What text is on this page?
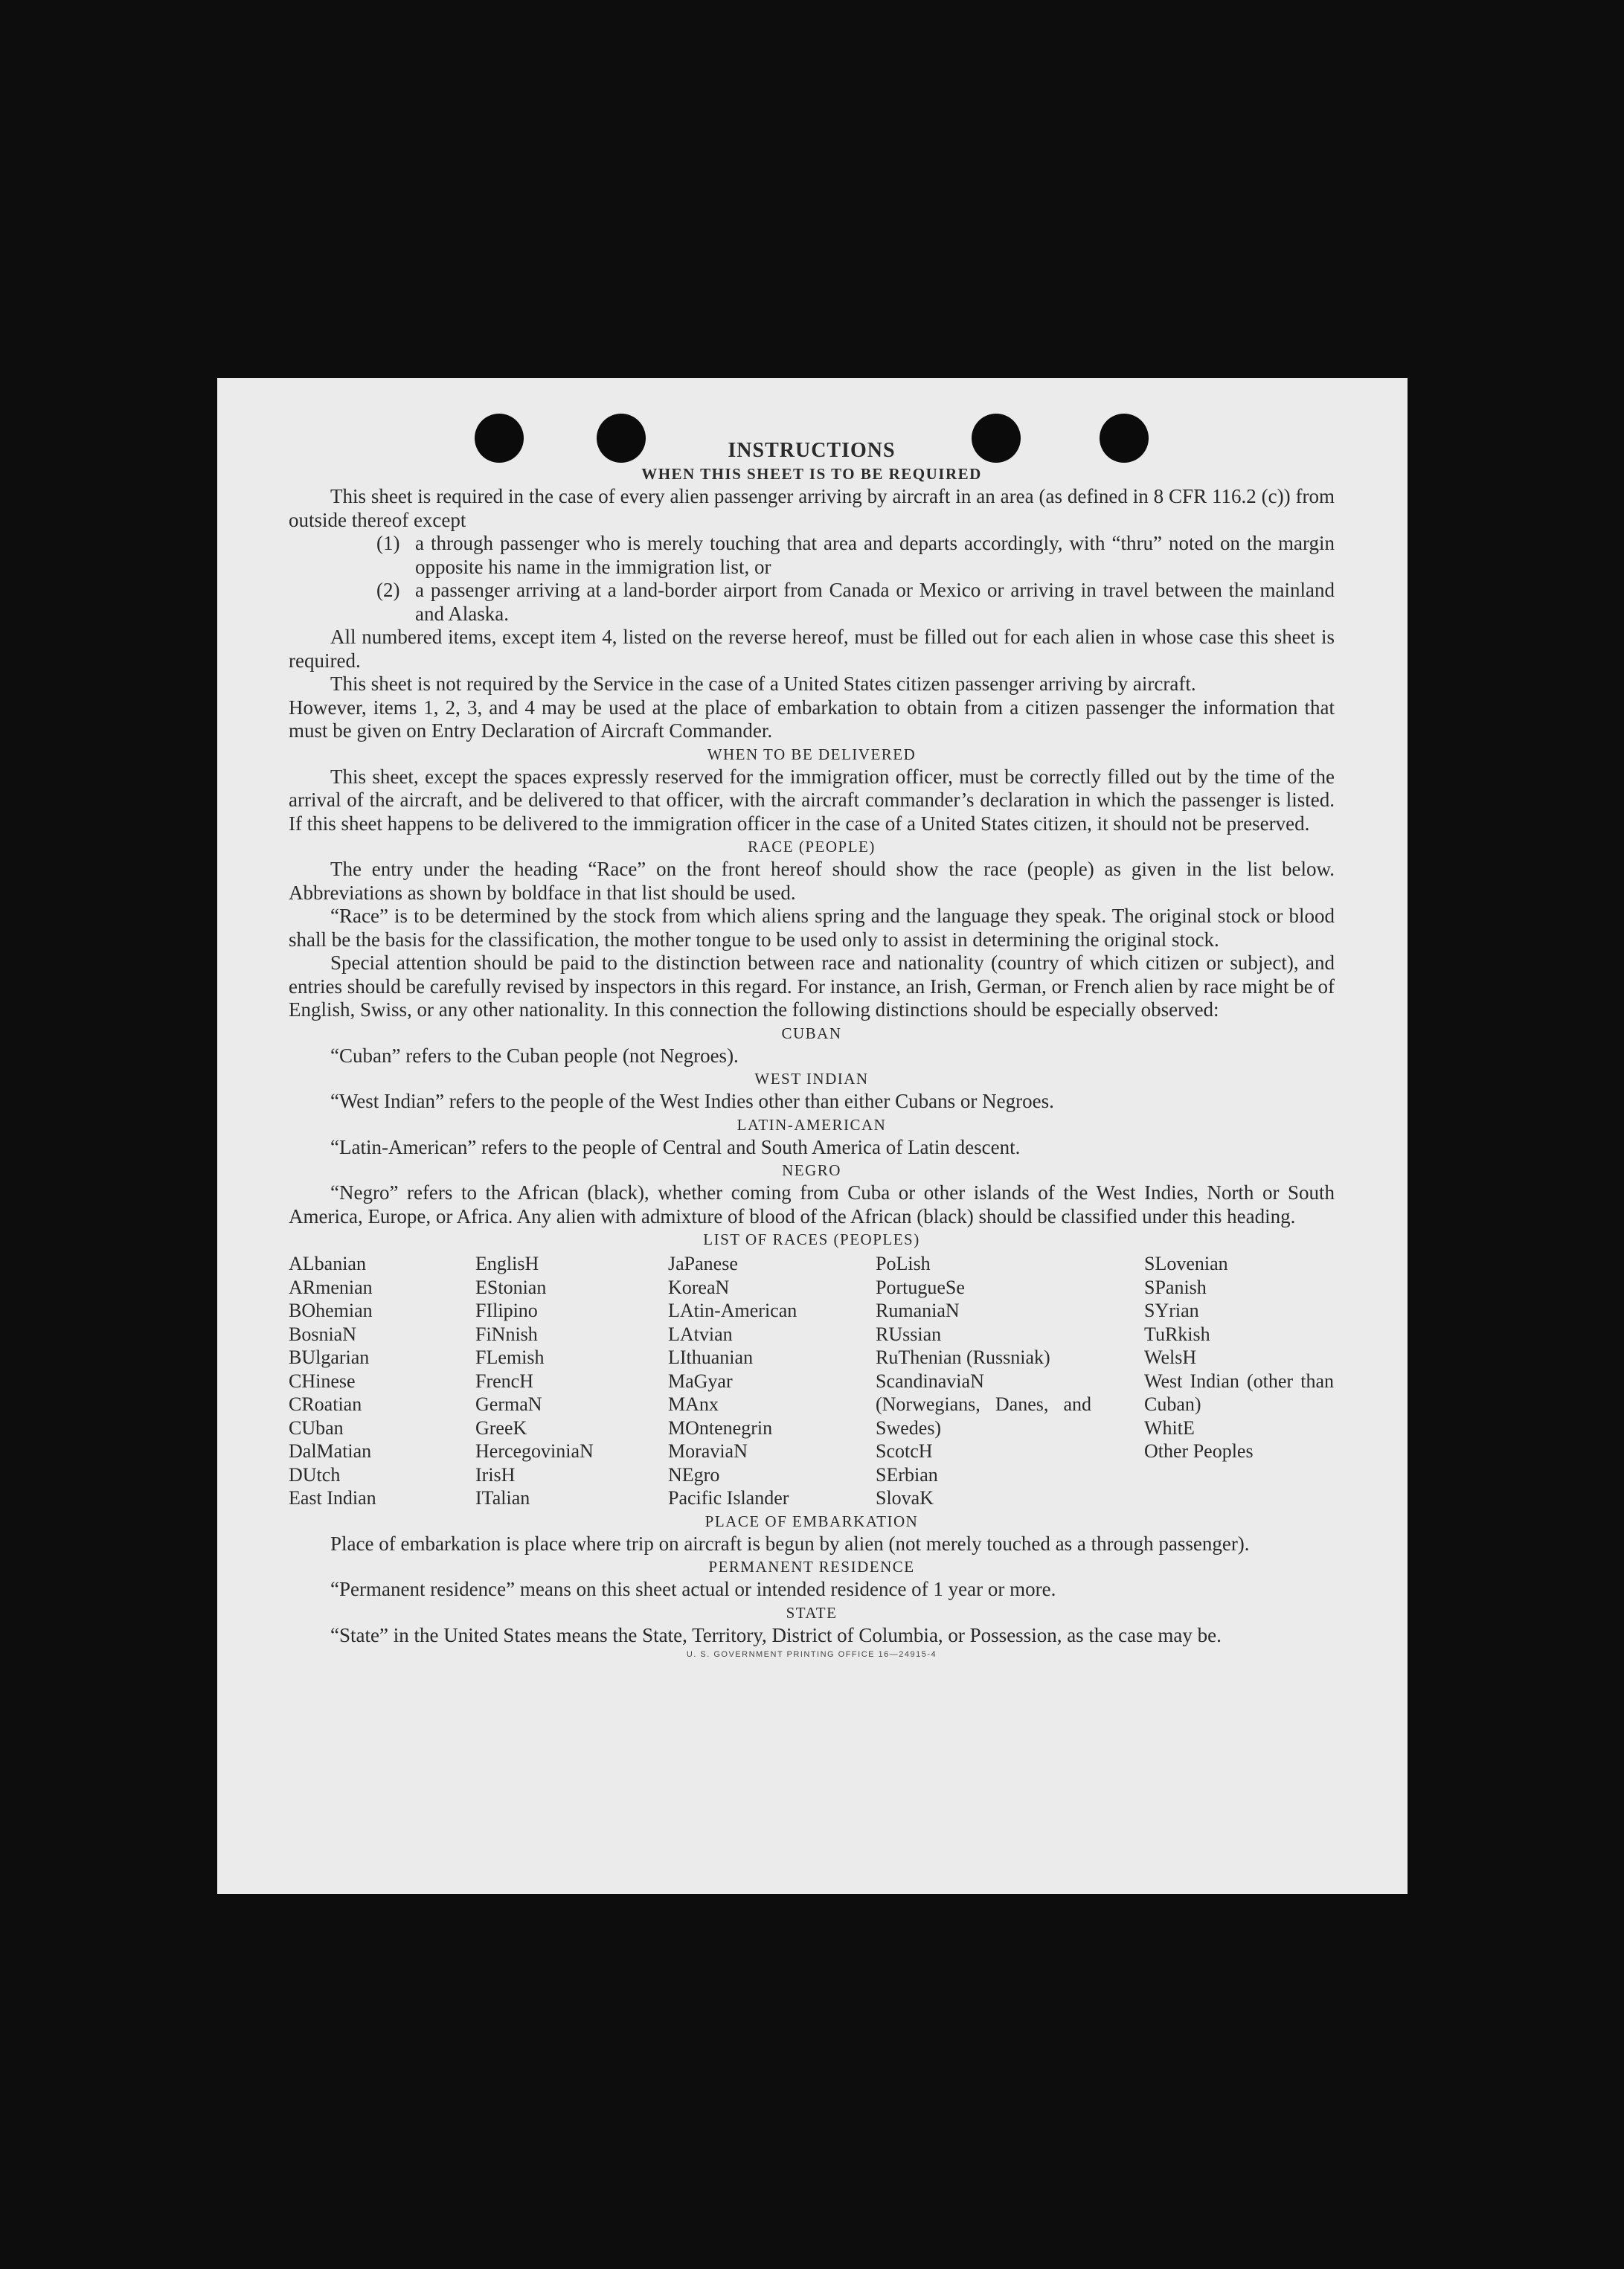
INSTRUCTIONS
WHEN THIS SHEET IS TO BE REQUIRED

This sheet is required in the case of every alien passenger arriving by aircraft in an area (as defined in 8 CFR 116.2 (c)) from outside thereof except

(1) a through passenger who is merely touching that area and departs accordingly, with “thru” noted on the margin opposite his name in the immigration list, or
(2) a passenger arriving at a land-border airport from Canada or Mexico or arriving in travel between the mainland and Alaska.

All numbered items, except item 4, listed on the reverse hereof, must be filled out for each alien in whose case this sheet is required.

This sheet is not required by the Service in the case of a United States citizen passenger arriving by aircraft.

However, items 1, 2, 3, and 4 may be used at the place of embarkation to obtain from a citizen passenger the information that must be given on Entry Declaration of Aircraft Commander.

WHEN TO BE DELIVERED

This sheet, except the spaces expressly reserved for the immigration officer, must be correctly filled out by the time of the arrival of the aircraft, and be delivered to that officer, with the aircraft commander’s declaration in which the passenger is listed. If this sheet happens to be delivered to the immigration officer in the case of a United States citizen, it should not be preserved.

RACE (PEOPLE)

The entry under the heading “Race” on the front hereof should show the race (people) as given in the list below. Abbreviations as shown by boldface in that list should be used.

“Race” is to be determined by the stock from which aliens spring and the language they speak. The original stock or blood shall be the basis for the classification, the mother tongue to be used only to assist in determining the original stock.

Special attention should be paid to the distinction between race and nationality (country of which citizen or subject), and entries should be carefully revised by inspectors in this regard. For instance, an Irish, German, or French alien by race might be of English, Swiss, or any other nationality. In this connection the following distinctions should be especially observed:

CUBAN

“Cuban” refers to the Cuban people (not Negroes).

WEST INDIAN

“West Indian” refers to the people of the West Indies other than either Cubans or Negroes.

LATIN-AMERICAN

“Latin-American” refers to the people of Central and South America of Latin descent.

NEGRO

“Negro” refers to the African (black), whether coming from Cuba or other islands of the West Indies, North or South America, Europe, or Africa. Any alien with admixture of blood of the African (black) should be classified under this heading.

LIST OF RACES (PEOPLES)
ALbanian
ARmenian
BOhemian
BosniaN
BUlgarian
CHinese
CRoatian
CUban
DalMatian
DUtch
East Indian
EnglisH
EStonian
FIlipino
FiNnish
FLemish
FrencH
GermaN
GreeK
HercegoviniaN
IrisH
ITalian
JaPanese
KoreaN
LAtin-American
LAtvian
LIthuanian
MaGyar
MAnx
MOntenegrin
MoraviaN
NEgro
Pacific Islander
PoLish
PortugueSe
RumaniaN
RUssian
RuThenian (Russniak)
ScandinaviaN (Norwegians, Danes, and Swedes)
ScotcH
SErbian
SlovaK
SLovenian
SPanish
SYrian
TuRkish
WelsH
West Indian (other than Cuban)
WhitE
Other Peoples
PLACE OF EMBARKATION

Place of embarkation is place where trip on aircraft is begun by alien (not merely touched as a through passenger).

PERMANENT RESIDENCE

“Permanent residence” means on this sheet actual or intended residence of 1 year or more.

STATE

“State” in the United States means the State, Territory, District of Columbia, or Possession, as the case may be.

U. S. GOVERNMENT PRINTING OFFICE 16—24915-4
